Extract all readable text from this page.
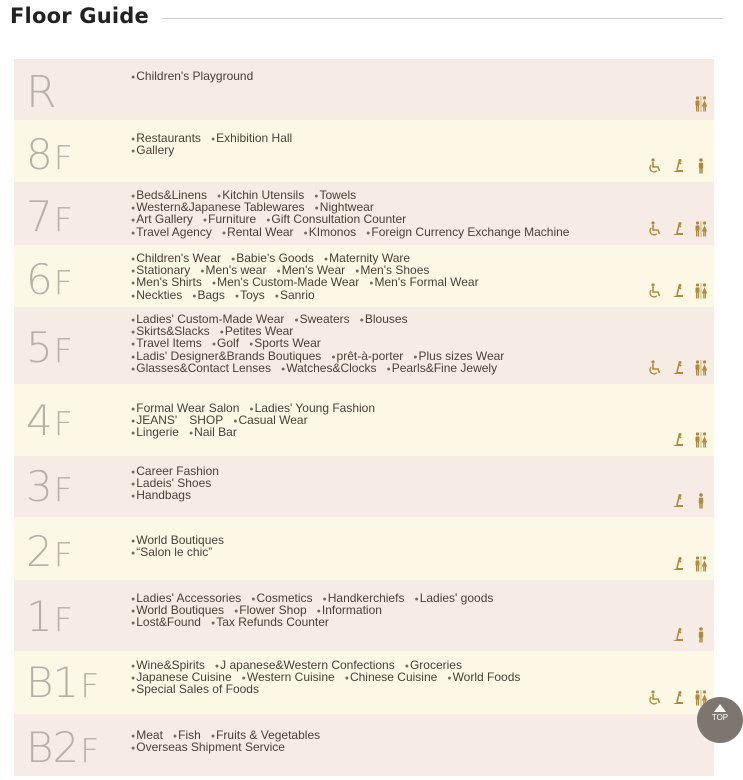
Floor Guide
R	● Children's Playground
8F	● Restaurants ● Exhibition Hall
● Gallery
7F
● Beds&Linens ● Kitchin Utensils ● Towels
● Western&Japanese Tablewares ● Nightwear
● Art Gallery ● Furniture ● Gift Consultation Counter
● Travel Agency ● Rental Wear ● KImonos ● Foreign Currency Exchange Machine
6F
● Children's Wear ● Babie's Goods ● Maternity Ware
● Stationary ● Men's wear ● Men's Wear ● Men's Shoes
● Men's Shirts ● Men's Custom-Made Wear ● Men's Formal Wear
● Neckties ● Bags ● Toys ● Sanrio
5F
● Ladies' Custom-Made Wear ● Sweaters ● Blouses
● Skirts&Slacks ● Petites Wear
● Travel Items ● Golf ● Sports Wear
● Ladis' Designer&Brands Boutiques ● prêt-à-porter ● Plus sizes Wear
● Glasses&Contact Lenses ● Watches&Clocks ● Pearls&Fine Jewely
4F	● Formal Wear Salon ● Ladies' Young Fashion
● JEANS'　SHOP ● Casual Wear
● Lingerie ● Nail Bar
3F	● Career Fashion
● Ladeis' Shoes
● Handbags
2F	● World Boutiques
● “Salon le chic”
1F
● Ladies' Accessories ● Cosmetics ● Handkerchiefs ● Ladies' goods
● World Boutiques ● Flower Shop ● Information
● Lost&Found ● Tax Refunds Counter
B1F
● Wine&Spirits ● J apanese&Western Confections ● Groceries
● Japanese Cuisine ● Western Cuisine ● Chinese Cuisine ● World Foods
● Special Sales of Foods
B2F	● Meat ● Fish ● Fruits & Vegetables
● Overseas Shipment Service
TOP
